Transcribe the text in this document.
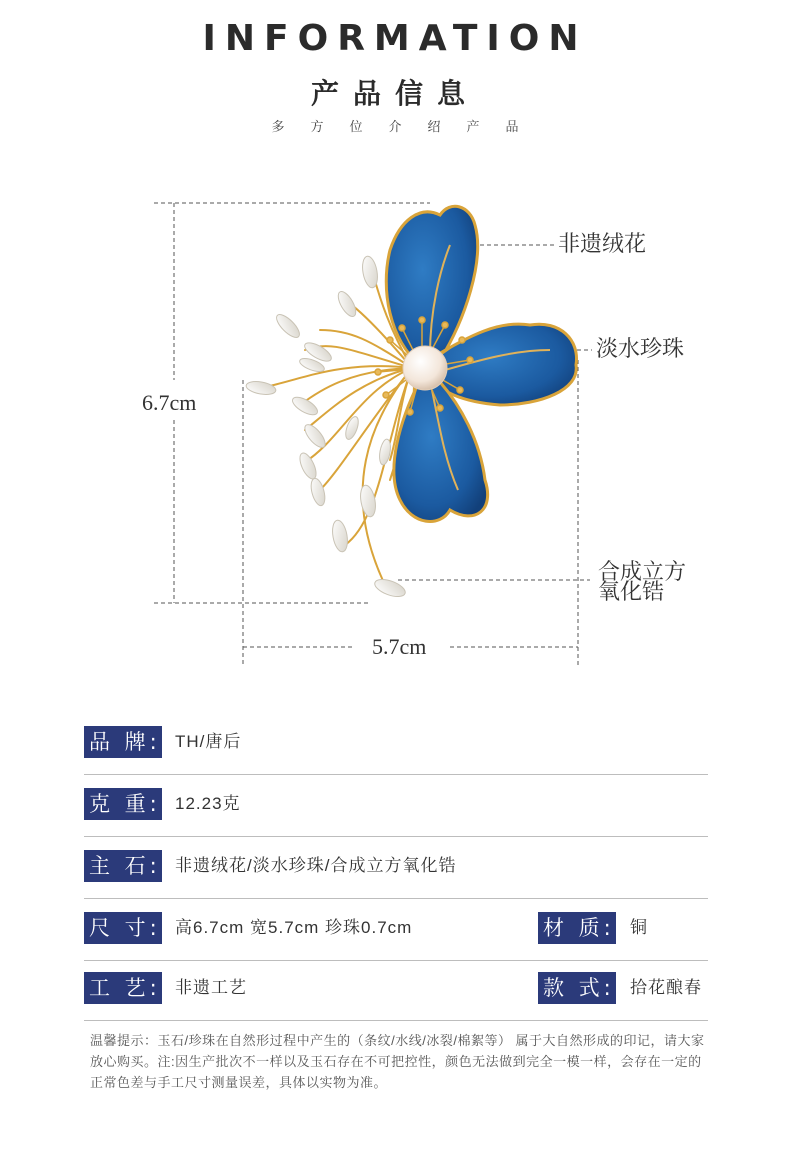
INFORMATION
产品信息
多方位介绍产品
6.7cm
5.7cm
非遗绒花
淡水珍珠
合成立方
氧化锆
品 牌: TH/唐后
克 重: 12.23克
主 石: 非遗绒花/淡水珍珠/合成立方氧化锆
尺 寸: 高6.7cm 宽5.7cm 珍珠0.7cm	材 质: 铜
工 艺: 非遗工艺	款 式: 拾花酿春
温馨提示：玉石/珍珠在自然形过程中产生的（条纹/水线/冰裂/棉絮等） 属于大自然形成的印记，请大家放心购买。注:因生产批次不一样以及玉石存在不可把控性，颜色无法做到完全一模一样，会存在一定的正常色差与手工尺寸测量误差，具体以实物为准。
